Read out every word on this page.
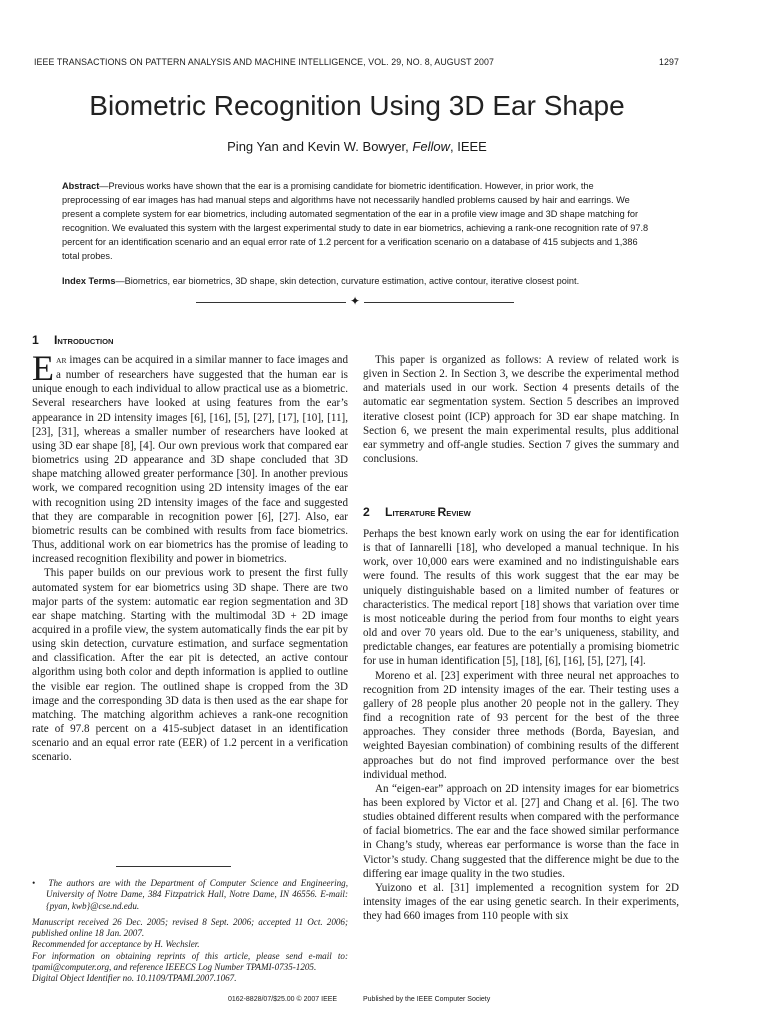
IEEE TRANSACTIONS ON PATTERN ANALYSIS AND MACHINE INTELLIGENCE, VOL. 29, NO. 8, AUGUST 2007	1297
Biometric Recognition Using 3D Ear Shape
Ping Yan and Kevin W. Bowyer, Fellow, IEEE
Abstract—Previous works have shown that the ear is a promising candidate for biometric identification. However, in prior work, the preprocessing of ear images has had manual steps and algorithms have not necessarily handled problems caused by hair and earrings. We present a complete system for ear biometrics, including automated segmentation of the ear in a profile view image and 3D shape matching for recognition. We evaluated this system with the largest experimental study to date in ear biometrics, achieving a rank-one recognition rate of 97.8 percent for an identification scenario and an equal error rate of 1.2 percent for a verification scenario on a database of 415 subjects and 1,386 total probes.
Index Terms—Biometrics, ear biometrics, 3D shape, skin detection, curvature estimation, active contour, iterative closest point.
✦
1 INTRODUCTION

EAR images can be acquired in a similar manner to face images and a number of researchers have suggested that the human ear is unique enough to each individual to allow practical use as a biometric. Several researchers have looked at using features from the ear’s appearance in 2D intensity images [6], [16], [5], [27], [17], [10], [11], [23], [31], whereas a smaller number of researchers have looked at using 3D ear shape [8], [4]. Our own previous work that compared ear biometrics using 2D appearance and 3D shape concluded that 3D shape matching allowed greater performance [30]. In another previous work, we compared recognition using 2D intensity images of the ear with recognition using 2D intensity images of the face and suggested that they are comparable in recognition power [6], [27]. Also, ear biometric results can be combined with results from face biometrics. Thus, additional work on ear biometrics has the promise of leading to increased recognition flexibility and power in biometrics.

This paper builds on our previous work to present the first fully automated system for ear biometrics using 3D shape. There are two major parts of the system: automatic ear region segmentation and 3D ear shape matching. Starting with the multimodal 3D + 2D image acquired in a profile view, the system automatically finds the ear pit by using skin detection, curvature estimation, and surface segmentation and classification. After the ear pit is detected, an active contour algorithm using both color and depth information is applied to outline the visible ear region. The outlined shape is cropped from the 3D image and the corresponding 3D data is then used as the ear shape for matching. The matching algorithm achieves a rank-one recognition rate of 97.8 percent on a 415-subject dataset in an identification scenario and an equal error rate (EER) of 1.2 percent in a verification scenario.

This paper is organized as follows: A review of related work is given in Section 2. In Section 3, we describe the experimental method and materials used in our work. Section 4 presents details of the automatic ear segmentation system. Section 5 describes an improved iterative closest point (ICP) approach for 3D ear shape matching. In Section 6, we present the main experimental results, plus additional ear symmetry and off-angle studies. Section 7 gives the summary and conclusions.

2 LITERATURE REVIEW

Perhaps the best known early work on using the ear for identification is that of Iannarelli [18], who developed a manual technique. In his work, over 10,000 ears were examined and no indistinguishable ears were found. The results of this work suggest that the ear may be uniquely distinguishable based on a limited number of features or characteristics. The medical report [18] shows that variation over time is most noticeable during the period from four months to eight years old and over 70 years old. Due to the ear’s uniqueness, stability, and predictable changes, ear features are potentially a promising biometric for use in human identification [5], [18], [6], [16], [5], [27], [4].

Moreno et al. [23] experiment with three neural net approaches to recognition from 2D intensity images of the ear. Their testing uses a gallery of 28 people plus another 20 people not in the gallery. They find a recognition rate of 93 percent for the best of the three approaches. They consider three methods (Borda, Bayesian, and weighted Bayesian combination) of combining results of the different approaches but do not find improved performance over the best individual method.

An “eigen-ear” approach on 2D intensity images for ear biometrics has been explored by Victor et al. [27] and Chang et al. [6]. The two studies obtained different results when compared with the performance of facial biometrics. The ear and the face showed similar performance in Chang’s study, whereas ear performance is worse than the face in Victor’s study. Chang suggested that the difference might be due to the differing ear image quality in the two studies.

Yuizono et al. [31] implemented a recognition system for 2D intensity images of the ear using genetic search. In their experiments, they had 660 images from 110 people with six

• The authors are with the Department of Computer Science and Engineering, University of Notre Dame, 384 Fitzpatrick Hall, Notre Dame, IN 46556. E-mail: {pyan, kwb}@cse.nd.edu.

Manuscript received 26 Dec. 2005; revised 8 Sept. 2006; accepted 11 Oct. 2006; published online 18 Jan. 2007.

Recommended for acceptance by H. Wechsler.

For information on obtaining reprints of this article, please send e-mail to: tpami@computer.org, and reference IEEECS Log Number TPAMI-0735-1205.

Digital Object Identifier no. 10.1109/TPAMI.2007.1067.

0162-8828/07/$25.00 © 2007 IEEE	Published by the IEEE Computer Society
